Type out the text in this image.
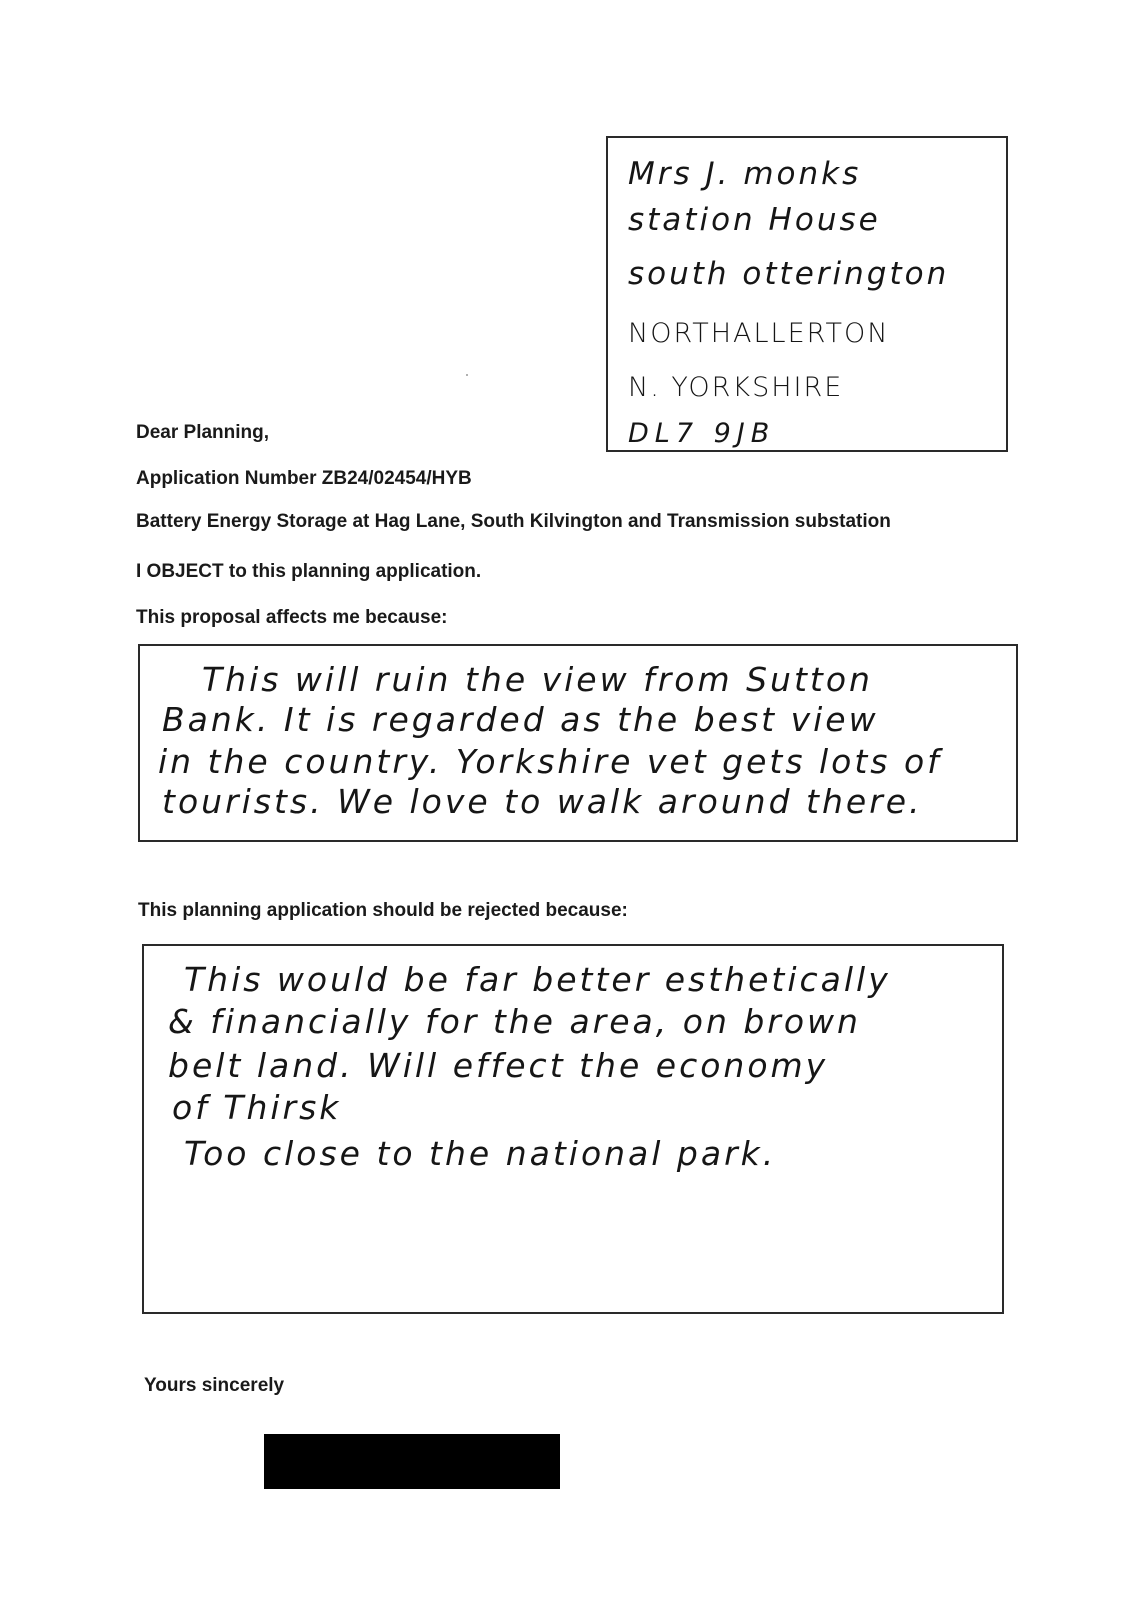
Mrs J. monks
station House
south otterington
NORTHALLERTON
N. YORKSHIRE
DL7 9JB
Dear Planning,
Application Number ZB24/02454/HYB
Battery Energy Storage at Hag Lane, South Kilvington and Transmission substation
I OBJECT to this planning application.
This proposal affects me because:
This will ruin the view from Sutton
Bank. It is regarded as the best view
in the country. Yorkshire vet gets lots of
tourists. We love to walk around there.
This planning application should be rejected because:
This would be far better esthetically
& financially for the area, on brown
belt land. Will effect the economy
of Thirsk
Too close to the national park.
Yours sincerely
